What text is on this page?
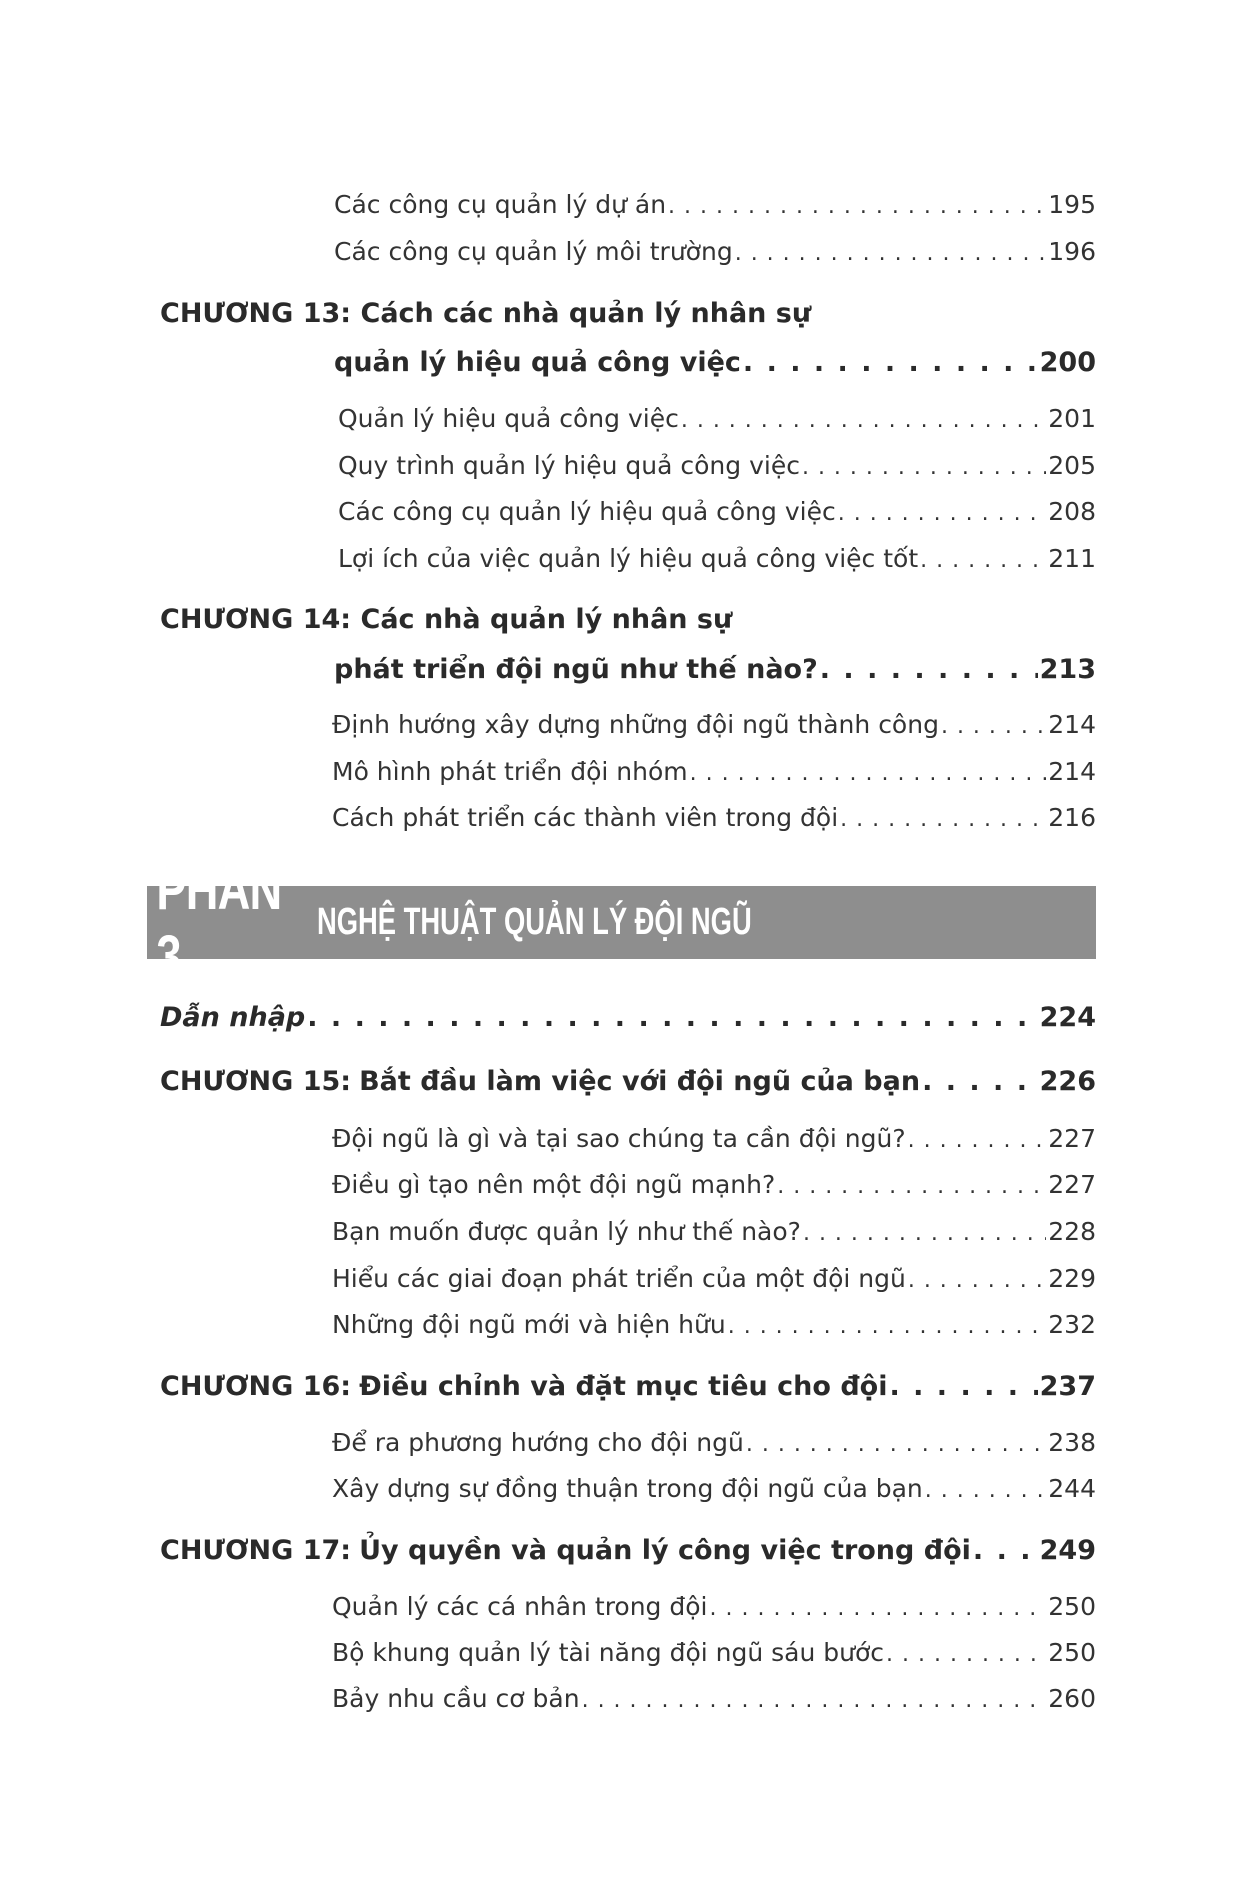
Các công cụ quản lý dự án . . .	195
Các công cụ quản lý môi trường . . .	196
CHƯƠNG 13: Cách các nhà quản lý nhân sự
quản lý hiệu quả công việc . . .	200
Quản lý hiệu quả công việc . . .	201
Quy trình quản lý hiệu quả công việc . . .	205
Các công cụ quản lý hiệu quả công việc . . .	208
Lợi ích của việc quản lý hiệu quả công việc tốt . . .	211
CHƯƠNG 14: Các nhà quản lý nhân sự
phát triển đội ngũ như thế nào? . . .	213
Định hướng xây dựng những đội ngũ thành công . . .	214
Mô hình phát triển đội nhóm . . .	214
Cách phát triển các thành viên trong đội . . .	216
PHẦN 3
NGHỆ THUẬT QUẢN LÝ ĐỘI NGŨ
Dẫn nhập . . .	224
CHƯƠNG 15: Bắt đầu làm việc với đội ngũ của bạn . . .	226
Đội ngũ là gì và tại sao chúng ta cần đội ngũ? . . .	227
Điều gì tạo nên một đội ngũ mạnh? . . .	227
Bạn muốn được quản lý như thế nào? . . .	228
Hiểu các giai đoạn phát triển của một đội ngũ . . .	229
Những đội ngũ mới và hiện hữu . . .	232
CHƯƠNG 16: Điều chỉnh và đặt mục tiêu cho đội . . .	237
Để ra phương hướng cho đội ngũ . . .	238
Xây dựng sự đồng thuận trong đội ngũ của bạn . . .	244
CHƯƠNG 17: Ủy quyền và quản lý công việc trong đội . . .	249
Quản lý các cá nhân trong đội . . .	250
Bộ khung quản lý tài năng đội ngũ sáu bước . . .	250
Bảy nhu cầu cơ bản . . .	260
